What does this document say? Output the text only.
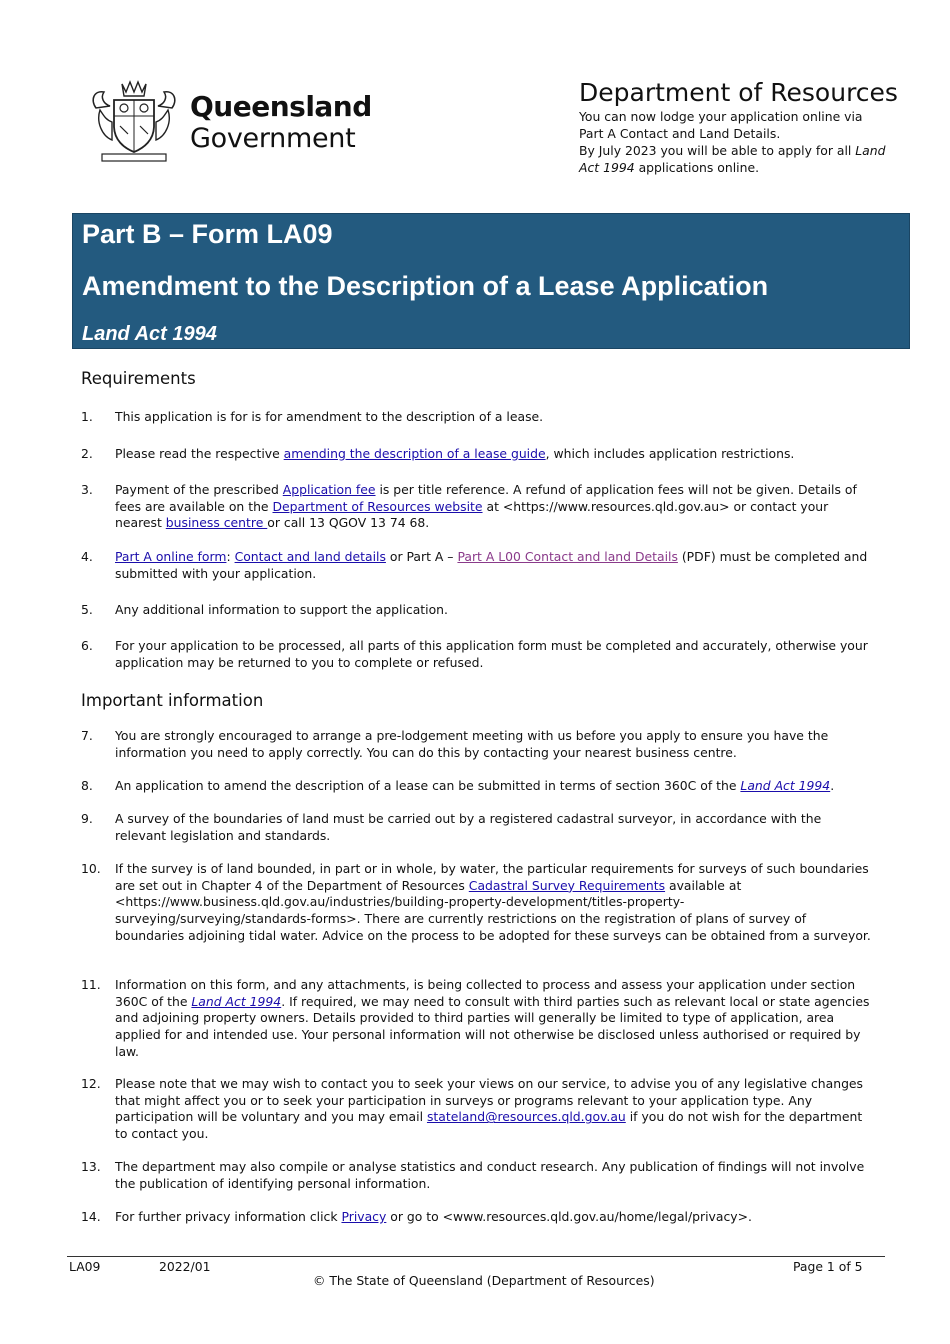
Queensland
Government
Department of Resources
You can now lodge your application online via
Part A Contact and Land Details.
By July 2023 you will be able to apply for all Land Act 1994 applications online.
Part B – Form LA09
Amendment to the Description of a Lease Application
Land Act 1994
Requirements
1.	This application is for is for amendment to the description of a lease.
2.	Please read the respective amending the description of a lease guide, which includes application restrictions.
3.	Payment of the prescribed Application fee is per title reference. A refund of application fees will not be given. Details of fees are available on the Department of Resources website at <https://www.resources.qld.gov.au> or contact your nearest business centre or call 13 QGOV 13 74 68.
4.	Part A online form: Contact and land details or Part A – Part A L00 Contact and land Details (PDF) must be completed and submitted with your application.
5.	Any additional information to support the application.
6.	For your application to be processed, all parts of this application form must be completed and accurately, otherwise your application may be returned to you to complete or refused.
Important information
7.	You are strongly encouraged to arrange a pre-lodgement meeting with us before you apply to ensure you have the information you need to apply correctly. You can do this by contacting your nearest business centre.
8.	An application to amend the description of a lease can be submitted in terms of section 360C of the Land Act 1994.
9.	A survey of the boundaries of land must be carried out by a registered cadastral surveyor, in accordance with the relevant legislation and standards.
10.	If the survey is of land bounded, in part or in whole, by water, the particular requirements for surveys of such boundaries are set out in Chapter 4 of the Department of Resources Cadastral Survey Requirements available at <https://www.business.qld.gov.au/industries/building-property-development/titles-property-surveying/surveying/standards-forms>. There are currently restrictions on the registration of plans of survey of boundaries adjoining tidal water. Advice on the process to be adopted for these surveys can be obtained from a surveyor.
11.	Information on this form, and any attachments, is being collected to process and assess your application under section 360C of the Land Act 1994. If required, we may need to consult with third parties such as relevant local or state agencies and adjoining property owners. Details provided to third parties will generally be limited to type of application, area applied for and intended use. Your personal information will not otherwise be disclosed unless authorised or required by law.
12.	Please note that we may wish to contact you to seek your views on our service, to advise you of any legislative changes that might affect you or to seek your participation in surveys or programs relevant to your application type. Any participation will be voluntary and you may email stateland@resources.qld.gov.au if you do not wish for the department to contact you.
13.	The department may also compile or analyse statistics and conduct research. Any publication of findings will not involve the publication of identifying personal information.
14.	For further privacy information click Privacy or go to <www.resources.qld.gov.au/home/legal/privacy>.
LA09	2022/01	Page 1 of 5
© The State of Queensland (Department of Resources)
